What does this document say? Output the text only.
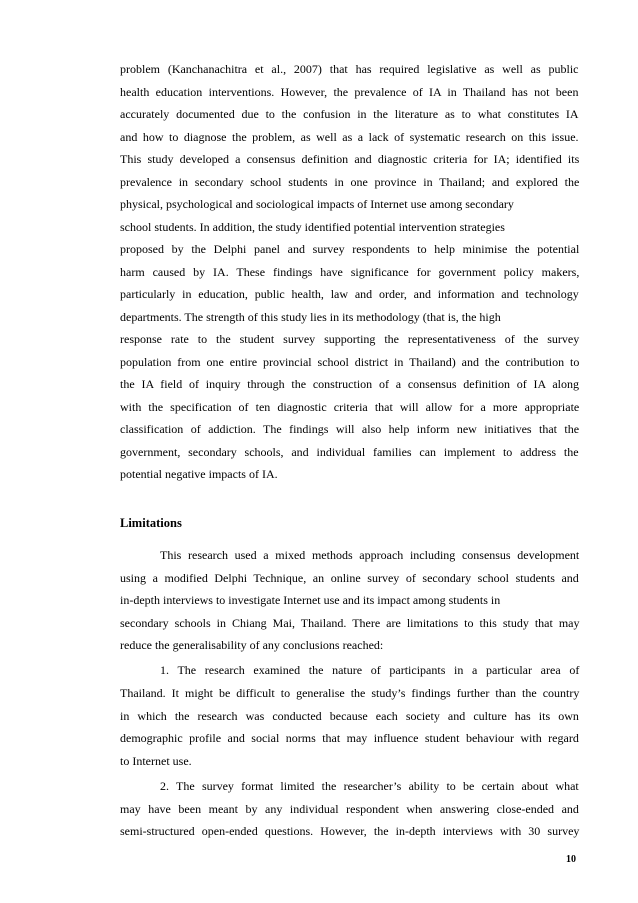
problem (Kanchanachitra et al., 2007) that has required legislative as well as public
health education interventions. However, the prevalence of IA in Thailand has not been
accurately documented due to the confusion in the literature as to what constitutes IA
and how to diagnose the problem, as well as a lack of systematic research on this issue.
This study developed a consensus definition and diagnostic criteria for IA; identified its
prevalence in secondary school students in one province in Thailand; and explored the
physical, psychological and sociological impacts of Internet use among secondary
school students. In addition, the study identified potential intervention strategies
proposed by the Delphi panel and survey respondents to help minimise the potential
harm caused by IA. These findings have significance for government policy makers,
particularly in education, public health, law and order, and information and technology
departments. The strength of this study lies in its methodology (that is, the high
response rate to the student survey supporting the representativeness of the survey
population from one entire provincial school district in Thailand) and the contribution to
the IA field of inquiry through the construction of a consensus definition of IA along
with the specification of ten diagnostic criteria that will allow for a more appropriate
classification of addiction. The findings will also help inform new initiatives that the
government, secondary schools, and individual families can implement to address the
potential negative impacts of IA.
Limitations
This research used a mixed methods approach including consensus development
using a modified Delphi Technique, an online survey of secondary school students and
in-depth interviews to investigate Internet use and its impact among students in
secondary schools in Chiang Mai, Thailand. There are limitations to this study that may
reduce the generalisability of any conclusions reached:
1. The research examined the nature of participants in a particular area of
Thailand. It might be difficult to generalise the study’s findings further than the country
in which the research was conducted because each society and culture has its own
demographic profile and social norms that may influence student behaviour with regard
to Internet use.
2. The survey format limited the researcher’s ability to be certain about what
may have been meant by any individual respondent when answering close-ended and
semi-structured open-ended questions. However, the in-depth interviews with 30 survey
10
